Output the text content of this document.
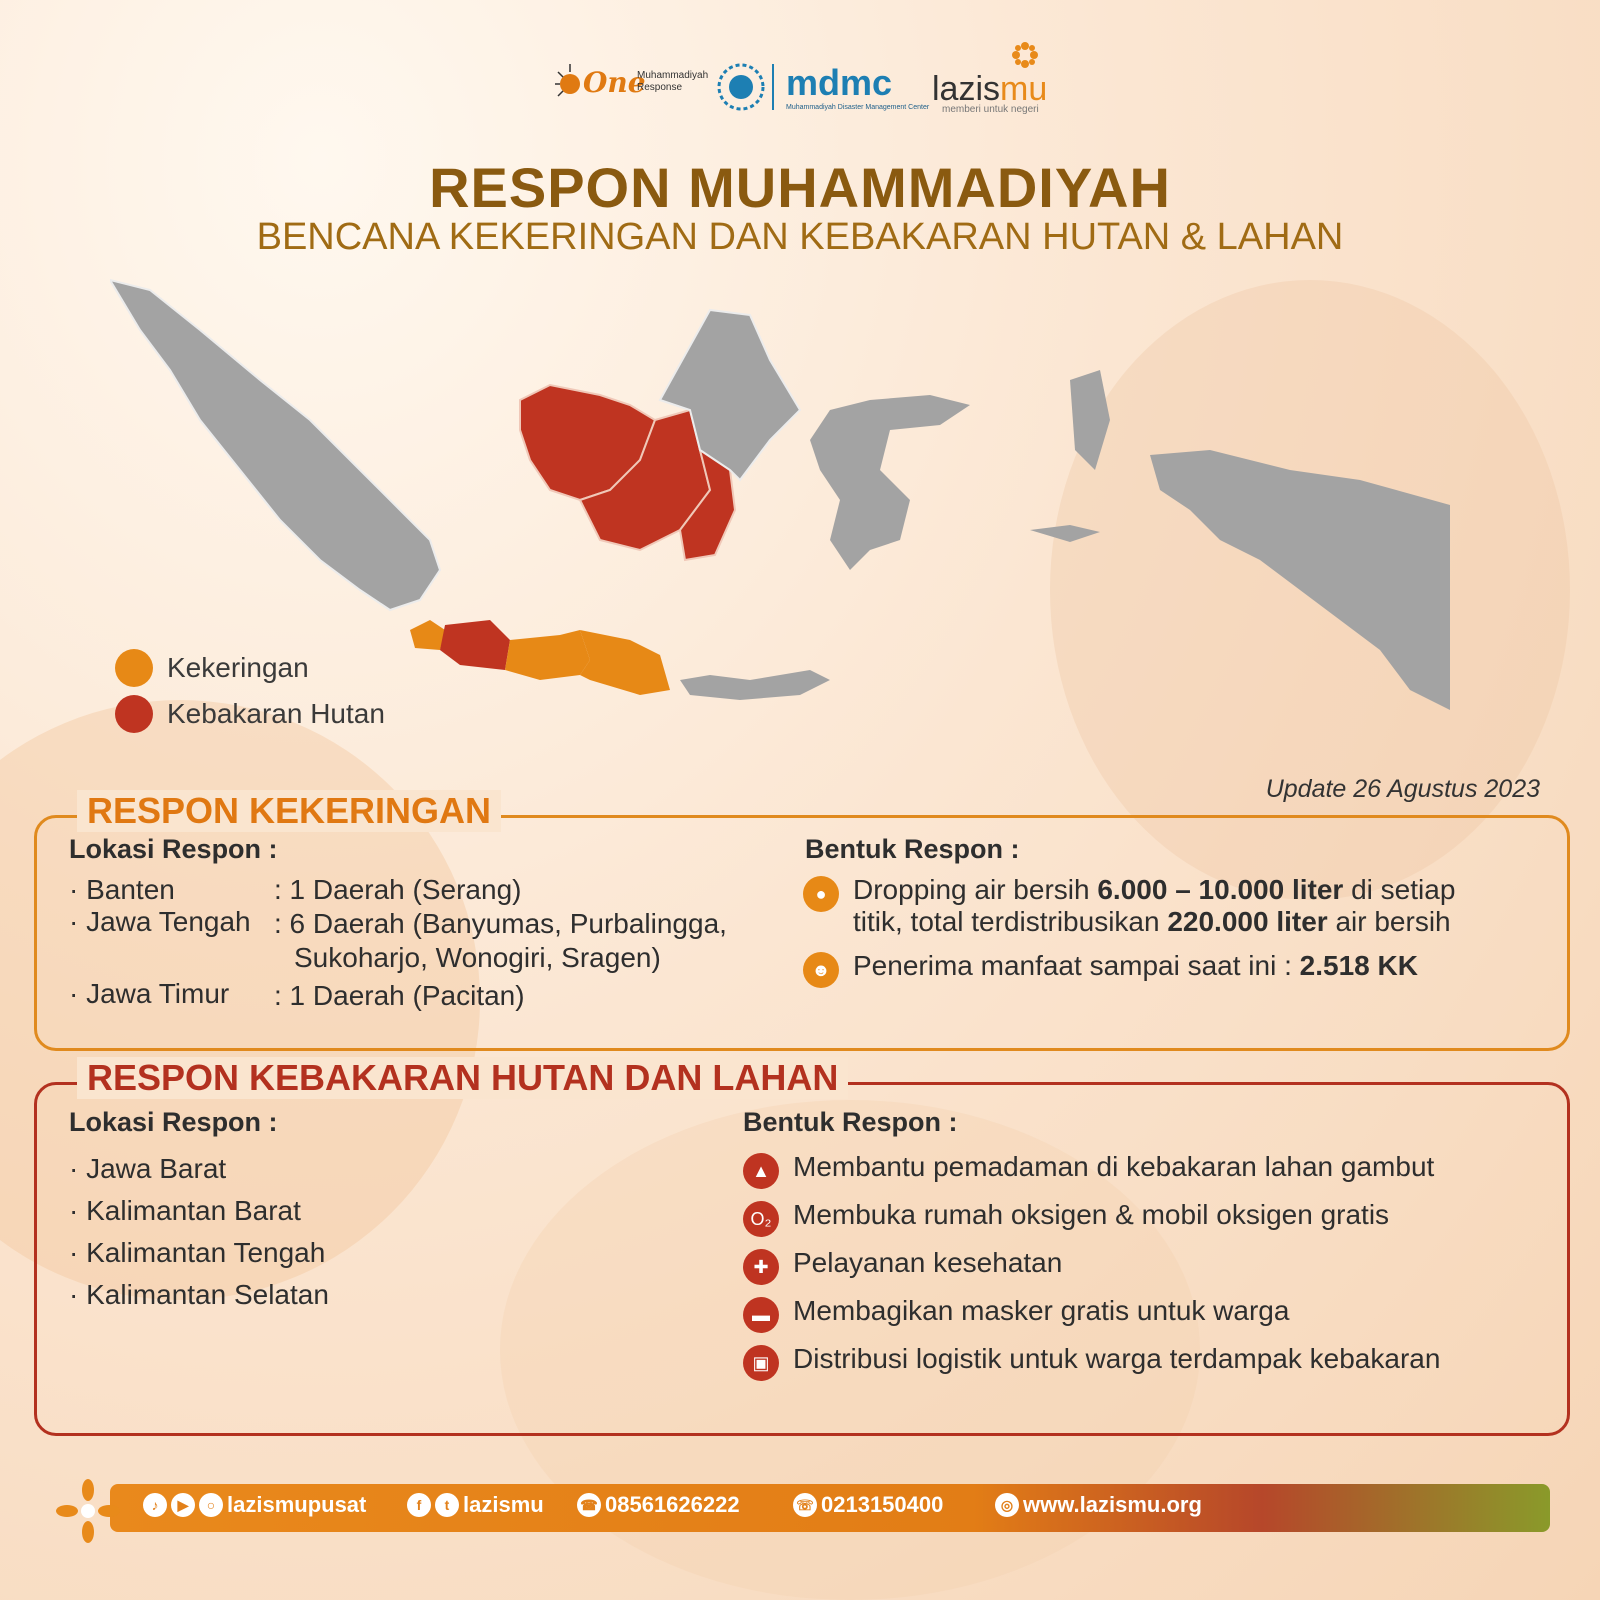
One
Muhammadiyah
Response	mdmc
Muhammadiyah Disaster Management Center lazismu
memberi untuk negeri
RESPON MUHAMMADIYAH
BENCANA KEKERINGAN DAN KEBAKARAN HUTAN & LAHAN
Kekeringan
Kebakaran Hutan
Update 26 Agustus 2023
RESPON KEKERINGAN
Lokasi Respon :
· Banten	: 1 Daerah (Serang)
· Jawa Tengah : 6 Daerah (Banyumas, Purbalingga,
Sukoharjo, Wonogiri, Sragen)
· Jawa Timur : 1 Daerah (Pacitan)
Bentuk Respon :
● Dropping air bersih 6.000 – 10.000 liter di setiap
titik, total terdistribusikan 220.000 liter air bersih
☻ Penerima manfaat sampai saat ini : 2.518 KK
RESPON KEBAKARAN HUTAN DAN LAHAN
Lokasi Respon :
· Jawa Barat
· Kalimantan Barat
· Kalimantan Tengah
· Kalimantan Selatan
Bentuk Respon :
▲ Membantu pemadaman di kebakaran lahan gambut
O₂ Membuka rumah oksigen & mobil oksigen gratis
✚ Pelayanan kesehatan
▬ Membagikan masker gratis untuk warga
▣ Distribusi logistik untuk warga terdampak kebakaran
♪	▶	○ lazismupusat	f	t lazismu	☎ 08561626222	☏ 0213150400	◎ www.lazismu.org
